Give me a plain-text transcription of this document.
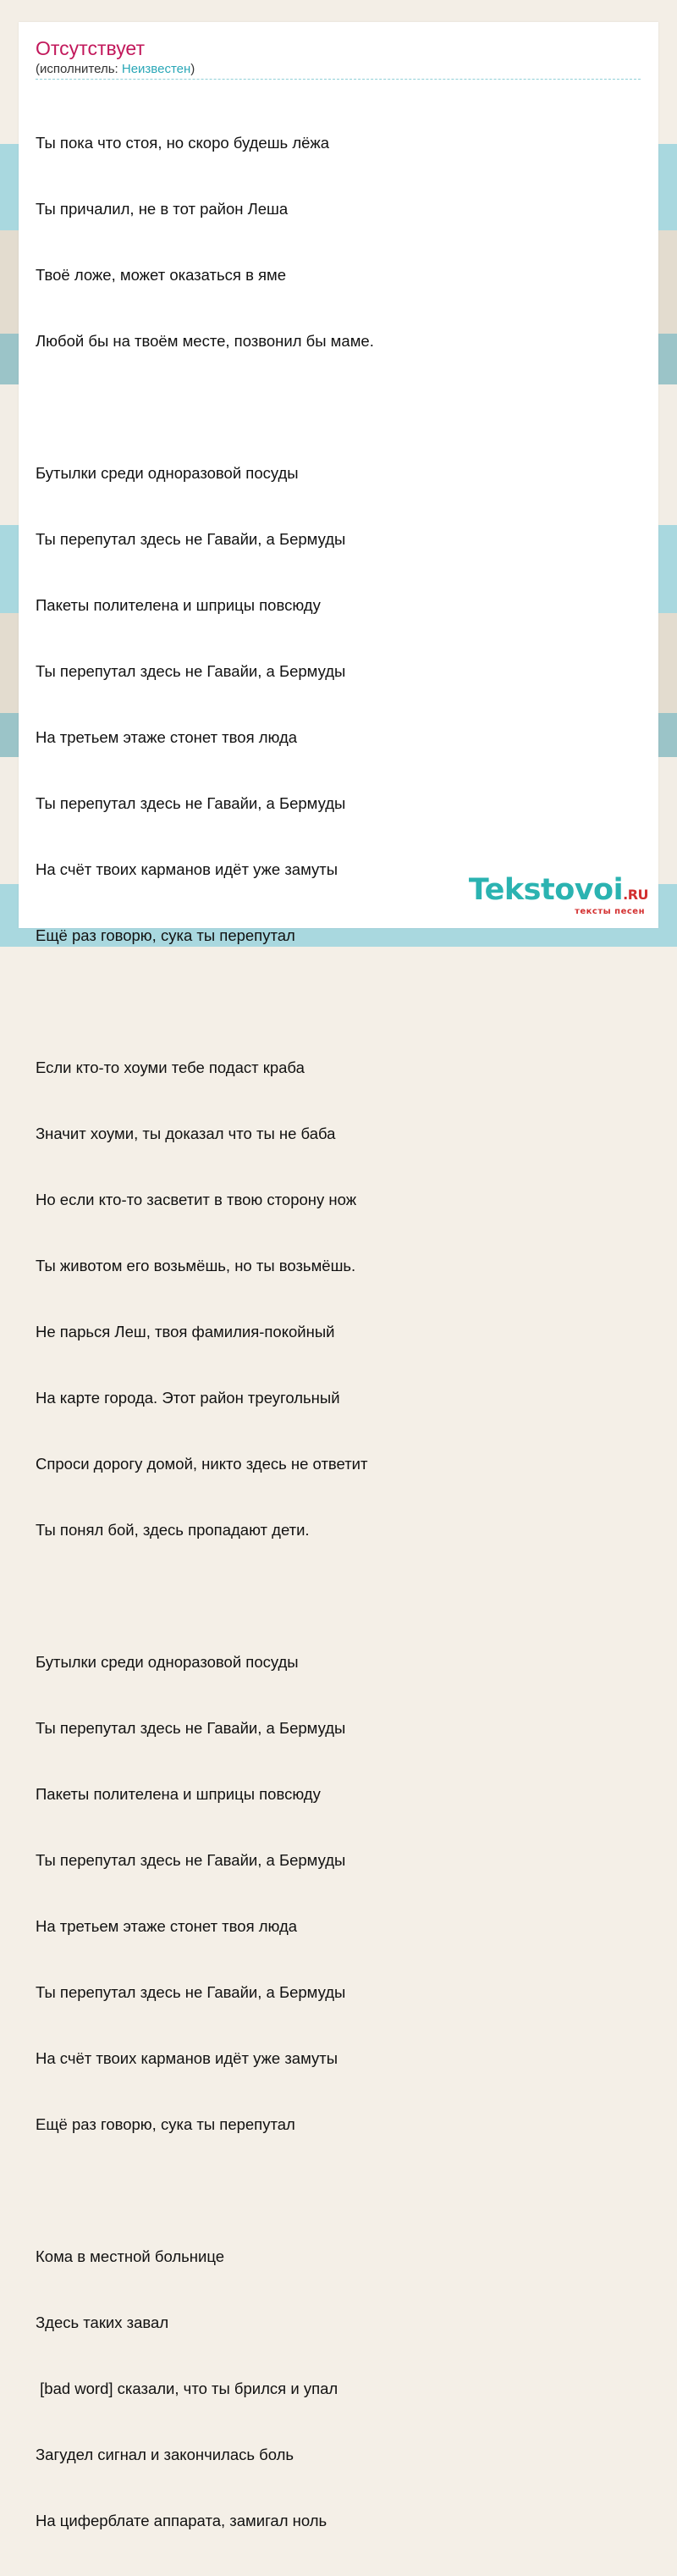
Отсутствует
(исполнитель: Неизвестен)

Ты пока что стоя, но скоро будешь лёжа

Ты причалил, не в тот район Леша

Твоё ложе, может оказаться в яме

Любой бы на твоём месте, позвонил бы маме.

Бутылки среди одноразовой посуды

Ты перепутал здесь не Гавайи, а Бермуды

Пакеты полителена и шприцы повсюду

Ты перепутал здесь не Гавайи, а Бермуды

На третьем этаже стонет твоя люда

Ты перепутал здесь не Гавайи, а Бермуды

На счёт твоих карманов идёт уже замуты

Ещё раз говорю, сука ты перепутал

Если кто-то хоуми тебе подаст краба

Значит хоуми, ты доказал что ты не баба

Но если кто-то засветит в твою сторону нож

Ты животом его возьмёшь, но ты возьмёшь.

Не парься Леш, твоя фамилия-покойный

На карте города. Этот район треугольный

Спроси дорогу домой, никто здесь не ответит

Ты понял бой, здесь пропадают дети.

Бутылки среди одноразовой посуды

Ты перепутал здесь не Гавайи, а Бермуды

Пакеты полителена и шприцы повсюду

Ты перепутал здесь не Гавайи, а Бермуды

На третьем этаже стонет твоя люда

Ты перепутал здесь не Гавайи, а Бермуды

На счёт твоих карманов идёт уже замуты

Ещё раз говорю, сука ты перепутал

Кома в местной больнице

Здесь таких завал

[bad word] сказали, что ты брился и упал

Загудел сигнал и закончилась боль

На циферблате аппарата, замигал ноль

Tekstovoi.RU
тексты песен
